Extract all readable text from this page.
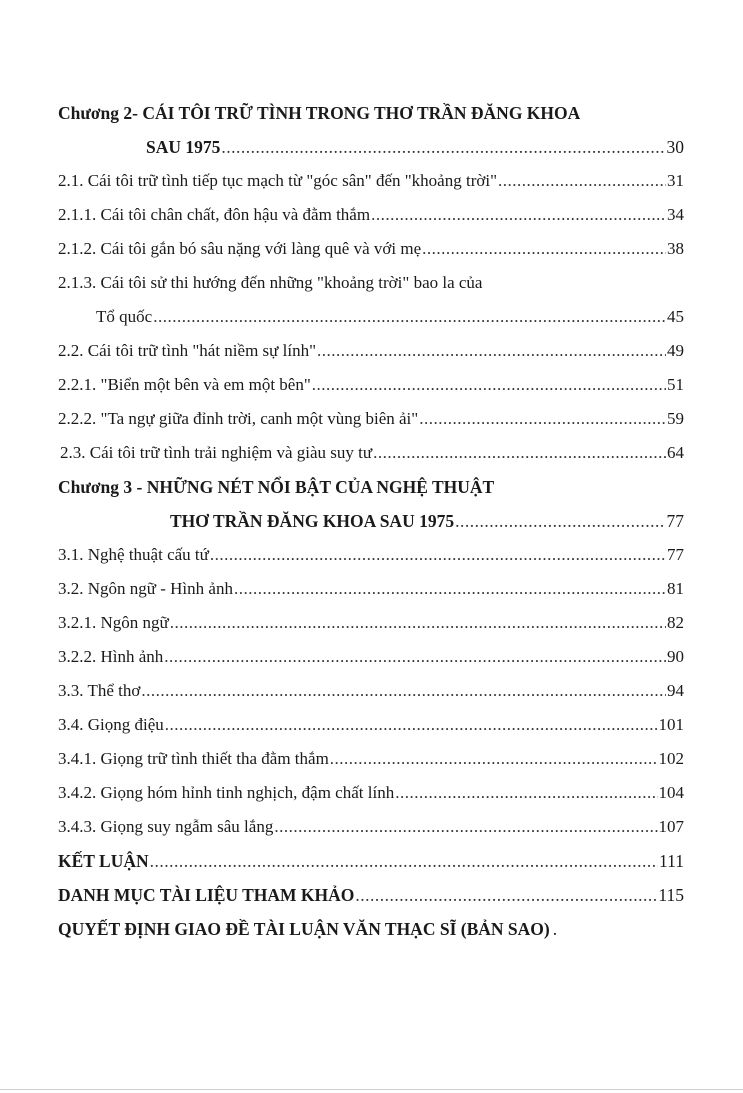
Chương 2- CÁI TÔI TRỮ TÌNH TRONG THƠ TRẦN ĐĂNG KHOA
SAU 1975 .....	30
2.1. Cái tôi trữ tình tiếp tục mạch từ "góc sân" đến "khoảng trời" .....	31
2.1.1. Cái tôi chân chất, đôn hậu và đằm thắm .....	34
2.1.2. Cái tôi gắn bó sâu nặng với làng quê và với mẹ .....	38
2.1.3. Cái tôi sử thi hướng đến những "khoảng trời" bao la của
Tổ quốc .....	45
2.2. Cái tôi trữ tình "hát niềm sự lính" .....	49
2.2.1. "Biển một bên và em một bên" .....	51
2.2.2. "Ta ngự giữa đỉnh trời, canh một vùng biên ải" .....	59
2.3. Cái tôi trữ tình trải nghiệm và giàu suy tư .....	64
Chương 3 - NHỮNG NÉT NỔI BẬT CỦA NGHỆ THUẬT
THƠ TRẦN ĐĂNG KHOA SAU 1975 .....	77
3.1. Nghệ thuật cấu tứ .....	77
3.2. Ngôn ngữ - Hình ảnh .....	81
3.2.1. Ngôn ngữ .....	82
3.2.2. Hình ảnh .....	90
3.3. Thể thơ .....	94
3.4. Giọng điệu .....	101
3.4.1. Giọng trữ tình thiết tha đằm thắm .....	102
3.4.2. Giọng hóm hỉnh tinh nghịch, đậm chất lính .....	104
3.4.3. Giọng suy ngẫm sâu lắng .....	107
KẾT LUẬN .....	111
DANH MỤC TÀI LIỆU THAM KHẢO .....	115
QUYẾT ĐỊNH GIAO ĐỀ TÀI LUẬN VĂN THẠC SĨ (BẢN SAO) .
